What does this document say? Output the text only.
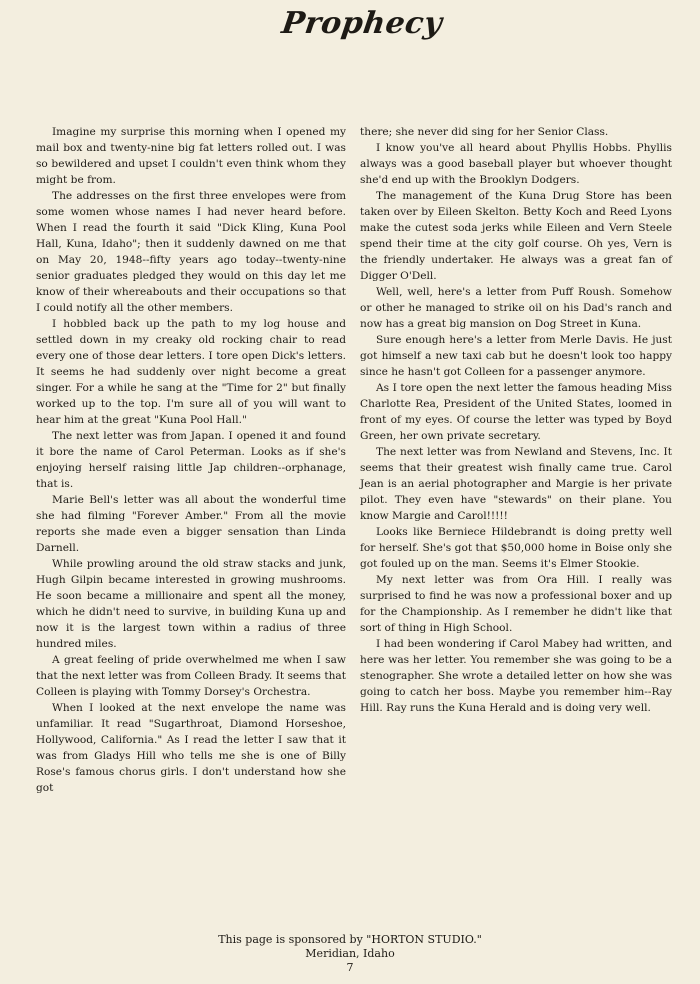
Prophecy

Imagine my surprise this morning when I opened my mail box and twenty-nine big fat letters rolled out. I was so bewildered and upset I couldn't even think whom they might be from.

The addresses on the first three envelopes were from some women whose names I had never heard before. When I read the fourth it said "Dick Kling, Kuna Pool Hall, Kuna, Idaho"; then it suddenly dawned on me that on May 20, 1948--fifty years ago today--twenty-nine senior graduates pledged they would on this day let me know of their whereabouts and their occupations so that I could notify all the other members.

I hobbled back up the path to my log house and settled down in my creaky old rocking chair to read every one of those dear letters. I tore open Dick's letters. It seems he had suddenly over night become a great singer. For a while he sang at the "Time for 2" but finally worked up to the top. I'm sure all of you will want to hear him at the great "Kuna Pool Hall."

The next letter was from Japan. I opened it and found it bore the name of Carol Peterman. Looks as if she's enjoying herself raising little Jap children--orphanage, that is.

Marie Bell's letter was all about the wonderful time she had filming "Forever Amber." From all the movie reports she made even a bigger sensation than Linda Darnell.

While prowling around the old straw stacks and junk, Hugh Gilpin became interested in growing mushrooms. He soon became a millionaire and spent all the money, which he didn't need to survive, in building Kuna up and now it is the largest town within a radius of three hundred miles.

A great feeling of pride overwhelmed me when I saw that the next letter was from Colleen Brady. It seems that Colleen is playing with Tommy Dorsey's Orchestra.

When I looked at the next envelope the name was unfamiliar. It read "Sugarthroat, Diamond Horseshoe, Hollywood, California." As I read the letter I saw that it was from Gladys Hill who tells me she is one of Billy Rose's famous chorus girls. I don't understand how she got

there; she never did sing for her Senior Class.

I know you've all heard about Phyllis Hobbs. Phyllis always was a good baseball player but whoever thought she'd end up with the Brooklyn Dodgers.

The management of the Kuna Drug Store has been taken over by Eileen Skelton. Betty Koch and Reed Lyons make the cutest soda jerks while Eileen and Vern Steele spend their time at the city golf course. Oh yes, Vern is the friendly undertaker. He always was a great fan of Digger O'Dell.

Well, well, here's a letter from Puff Roush. Somehow or other he managed to strike oil on his Dad's ranch and now has a great big mansion on Dog Street in Kuna.

Sure enough here's a letter from Merle Davis. He just got himself a new taxi cab but he doesn't look too happy since he hasn't got Colleen for a passenger anymore.

As I tore open the next letter the famous heading Miss Charlotte Rea, President of the United States, loomed in front of my eyes. Of course the letter was typed by Boyd Green, her own private secretary.

The next letter was from Newland and Stevens, Inc. It seems that their greatest wish finally came true. Carol Jean is an aerial photographer and Margie is her private pilot. They even have "stewards" on their plane. You know Margie and Carol!!!!!

Looks like Berniece Hildebrandt is doing pretty well for herself. She's got that $50,000 home in Boise only she got fouled up on the man. Seems it's Elmer Stookie.

My next letter was from Ora Hill. I really was surprised to find he was now a professional boxer and up for the Championship. As I remember he didn't like that sort of thing in High School.

I had been wondering if Carol Mabey had written, and here was her letter. You remember she was going to be a stenographer. She wrote a detailed letter on how she was going to catch her boss. Maybe you remember him--Ray Hill. Ray runs the Kuna Herald and is doing very well.

This page is sponsored by "HORTON STUDIO."
Meridian, Idaho
7
